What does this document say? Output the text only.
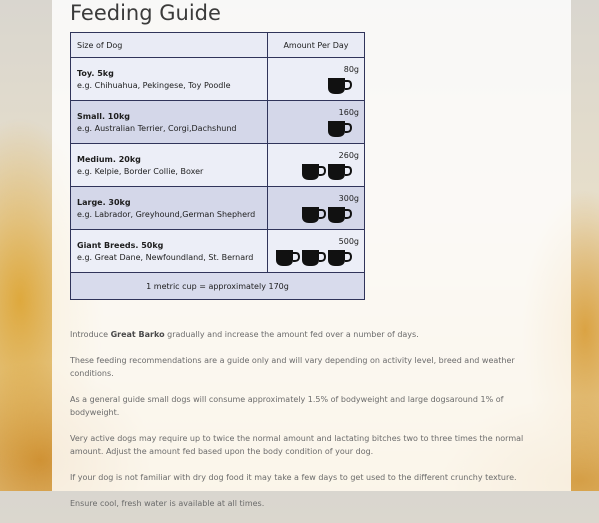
Feeding Guide
Size of Dog	Amount Per Day

Toy. 5kg
e.g. Chihuahua, Pekingese, Toy Poodle	80g

Small. 10kg
e.g. Australian Terrier, Corgi,Dachshund	160g

Medium. 20kg
e.g. Kelpie, Border Collie, Boxer	260g

Large. 30kg
e.g. Labrador, Greyhound,German Shepherd	300g

Giant Breeds. 50kg
e.g. Great Dane, Newfoundland, St. Bernard	500g

1 metric cup = approximately 170g	

Introduce Great Barko gradually and increase the amount fed over a number of days.

These feeding recommendations are a guide only and will vary depending on activity level, breed and weather conditions.

As a general guide small dogs will consume approximately 1.5% of bodyweight and large dogsaround 1% of bodyweight.

Very active dogs may require up to twice the normal amount and lactating bitches two to three times the normal amount. Adjust the amount fed based upon the body condition of your dog.

If your dog is not familiar with dry dog food it may take a few days to get used to the different crunchy texture.

Ensure cool, fresh water is available at all times.
